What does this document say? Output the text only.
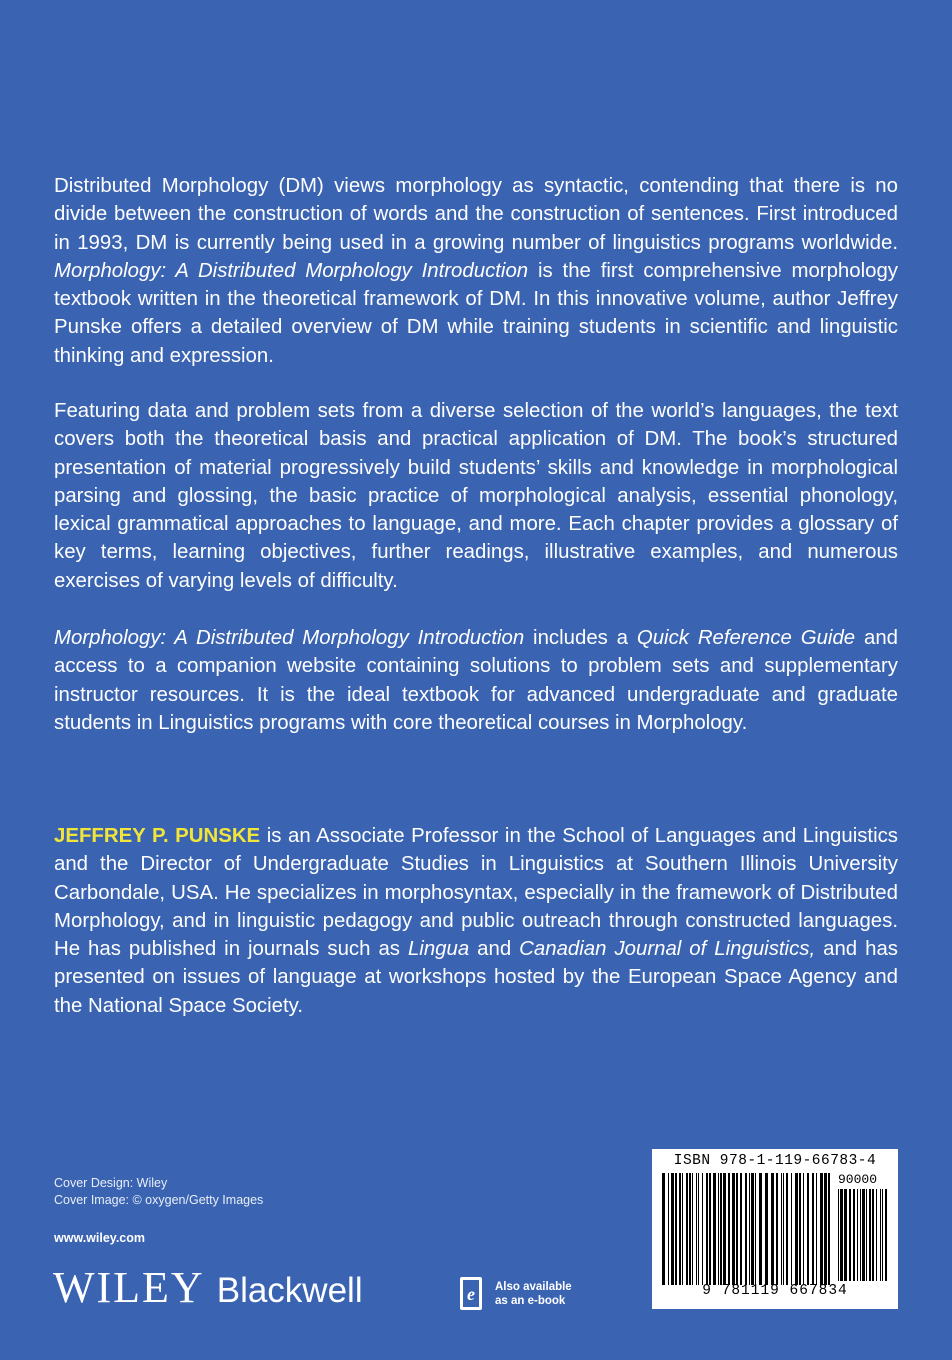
Distributed Morphology (DM) views morphology as syntactic, contending that there is no divide between the construction of words and the construction of sentences. First introduced in 1993, DM is currently being used in a growing number of linguistics programs worldwide. Morphology: A Distributed Morphology Introduction is the first comprehensive morphology textbook written in the theoretical framework of DM. In this innovative volume, author Jeffrey Punske offers a detailed overview of DM while training students in scientific and linguistic thinking and expression.

Featuring data and problem sets from a diverse selection of the world’s languages, the text covers both the theoretical basis and practical application of DM. The book’s structured presentation of material progressively build students’ skills and knowledge in morphological parsing and glossing, the basic practice of morphological analysis, essential phonology, lexical grammatical approaches to language, and more. Each chapter provides a glossary of key terms, learning objectives, further readings, illustrative examples, and numerous exercises of varying levels of difficulty.

Morphology: A Distributed Morphology Introduction includes a Quick Reference Guide and access to a companion website containing solutions to problem sets and supplementary instructor resources. It is the ideal textbook for advanced undergraduate and graduate students in Linguistics programs with core theoretical courses in Morphology.

JEFFREY P. PUNSKE is an Associate Professor in the School of Languages and Linguistics and the Director of Undergraduate Studies in Linguistics at Southern Illinois University Carbondale, USA. He specializes in morphosyntax, especially in the framework of Distributed Morphology, and in linguistic pedagogy and public outreach through constructed languages. He has published in journals such as Lingua and Canadian Journal of Linguistics, and has presented on issues of language at workshops hosted by the European Space Agency and the National Space Society.

Cover Design: Wiley
Cover Image: © oxygen/Getty Images
www.wiley.com
WILEY Blackwell	e Also available
as an e-book
ISBN 978-1-119-66783-4
90000
9 781119 667834
